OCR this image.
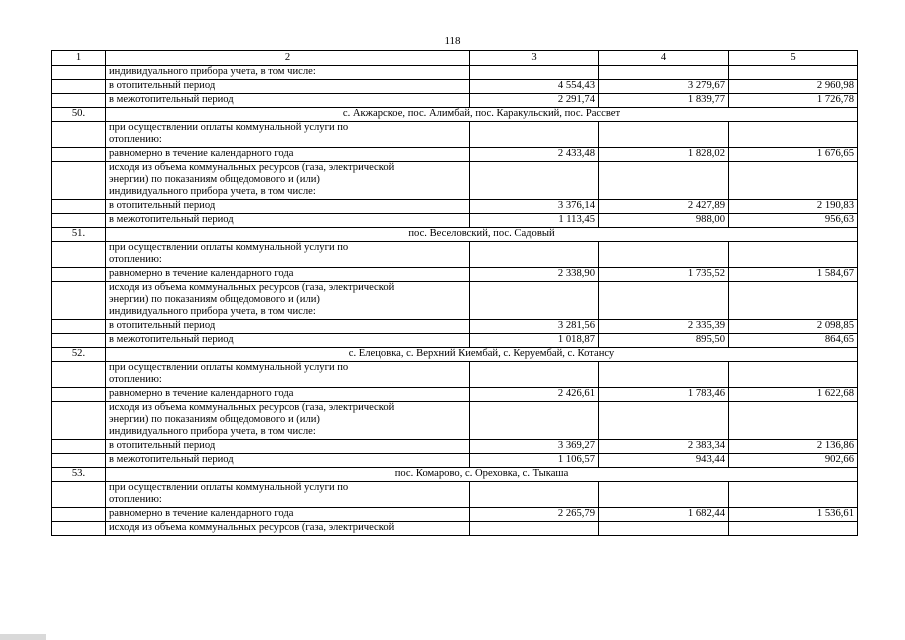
118
1	2	3	4	5

	индивидуального прибора учета, в том числе:			

	в отопительный период	4 554,43	3 279,67	2 960,98

	в межотопительный период	2 291,74	1 839,77	1 726,78
50.	с. Акжарское, пос. Алимбай, пос. Каракульский, пос. Рассвет			

	при осуществлении оплаты коммунальной услуги по
отоплению:			

	равномерно в течение календарного года	2 433,48	1 828,02	1 676,65

	исходя из объема коммунальных ресурсов (газа, электрической
энергии) по показаниям общедомового и (или)
индивидуального прибора учета, в том числе:			

	в отопительный период	3 376,14	2 427,89	2 190,83

	в межотопительный период	1 113,45	988,00	956,63
51.	пос. Веселовский, пос. Садовый			

	при осуществлении оплаты коммунальной услуги по
отоплению:			

	равномерно в течение календарного года	2 338,90	1 735,52	1 584,67

	исходя из объема коммунальных ресурсов (газа, электрической
энергии) по показаниям общедомового и (или)
индивидуального прибора учета, в том числе:			

	в отопительный период	3 281,56	2 335,39	2 098,85

	в межотопительный период	1 018,87	895,50	864,65
52.	с. Елецовка, с. Верхний Киембай, с. Керуембай, с. Котансу			

	при осуществлении оплаты коммунальной услуги по
отоплению:			

	равномерно в течение календарного года	2 426,61	1 783,46	1 622,68

	исходя из объема коммунальных ресурсов (газа, электрической
энергии) по показаниям общедомового и (или)
индивидуального прибора учета, в том числе:			

	в отопительный период	3 369,27	2 383,34	2 136,86

	в межотопительный период	1 106,57	943,44	902,66
53.	пос. Комарово, с. Ореховка, с. Тыкаша			

	при осуществлении оплаты коммунальной услуги по
отоплению:			

	равномерно в течение календарного года	2 265,79	1 682,44	1 536,61

	исходя из объема коммунальных ресурсов (газа, электрической			
